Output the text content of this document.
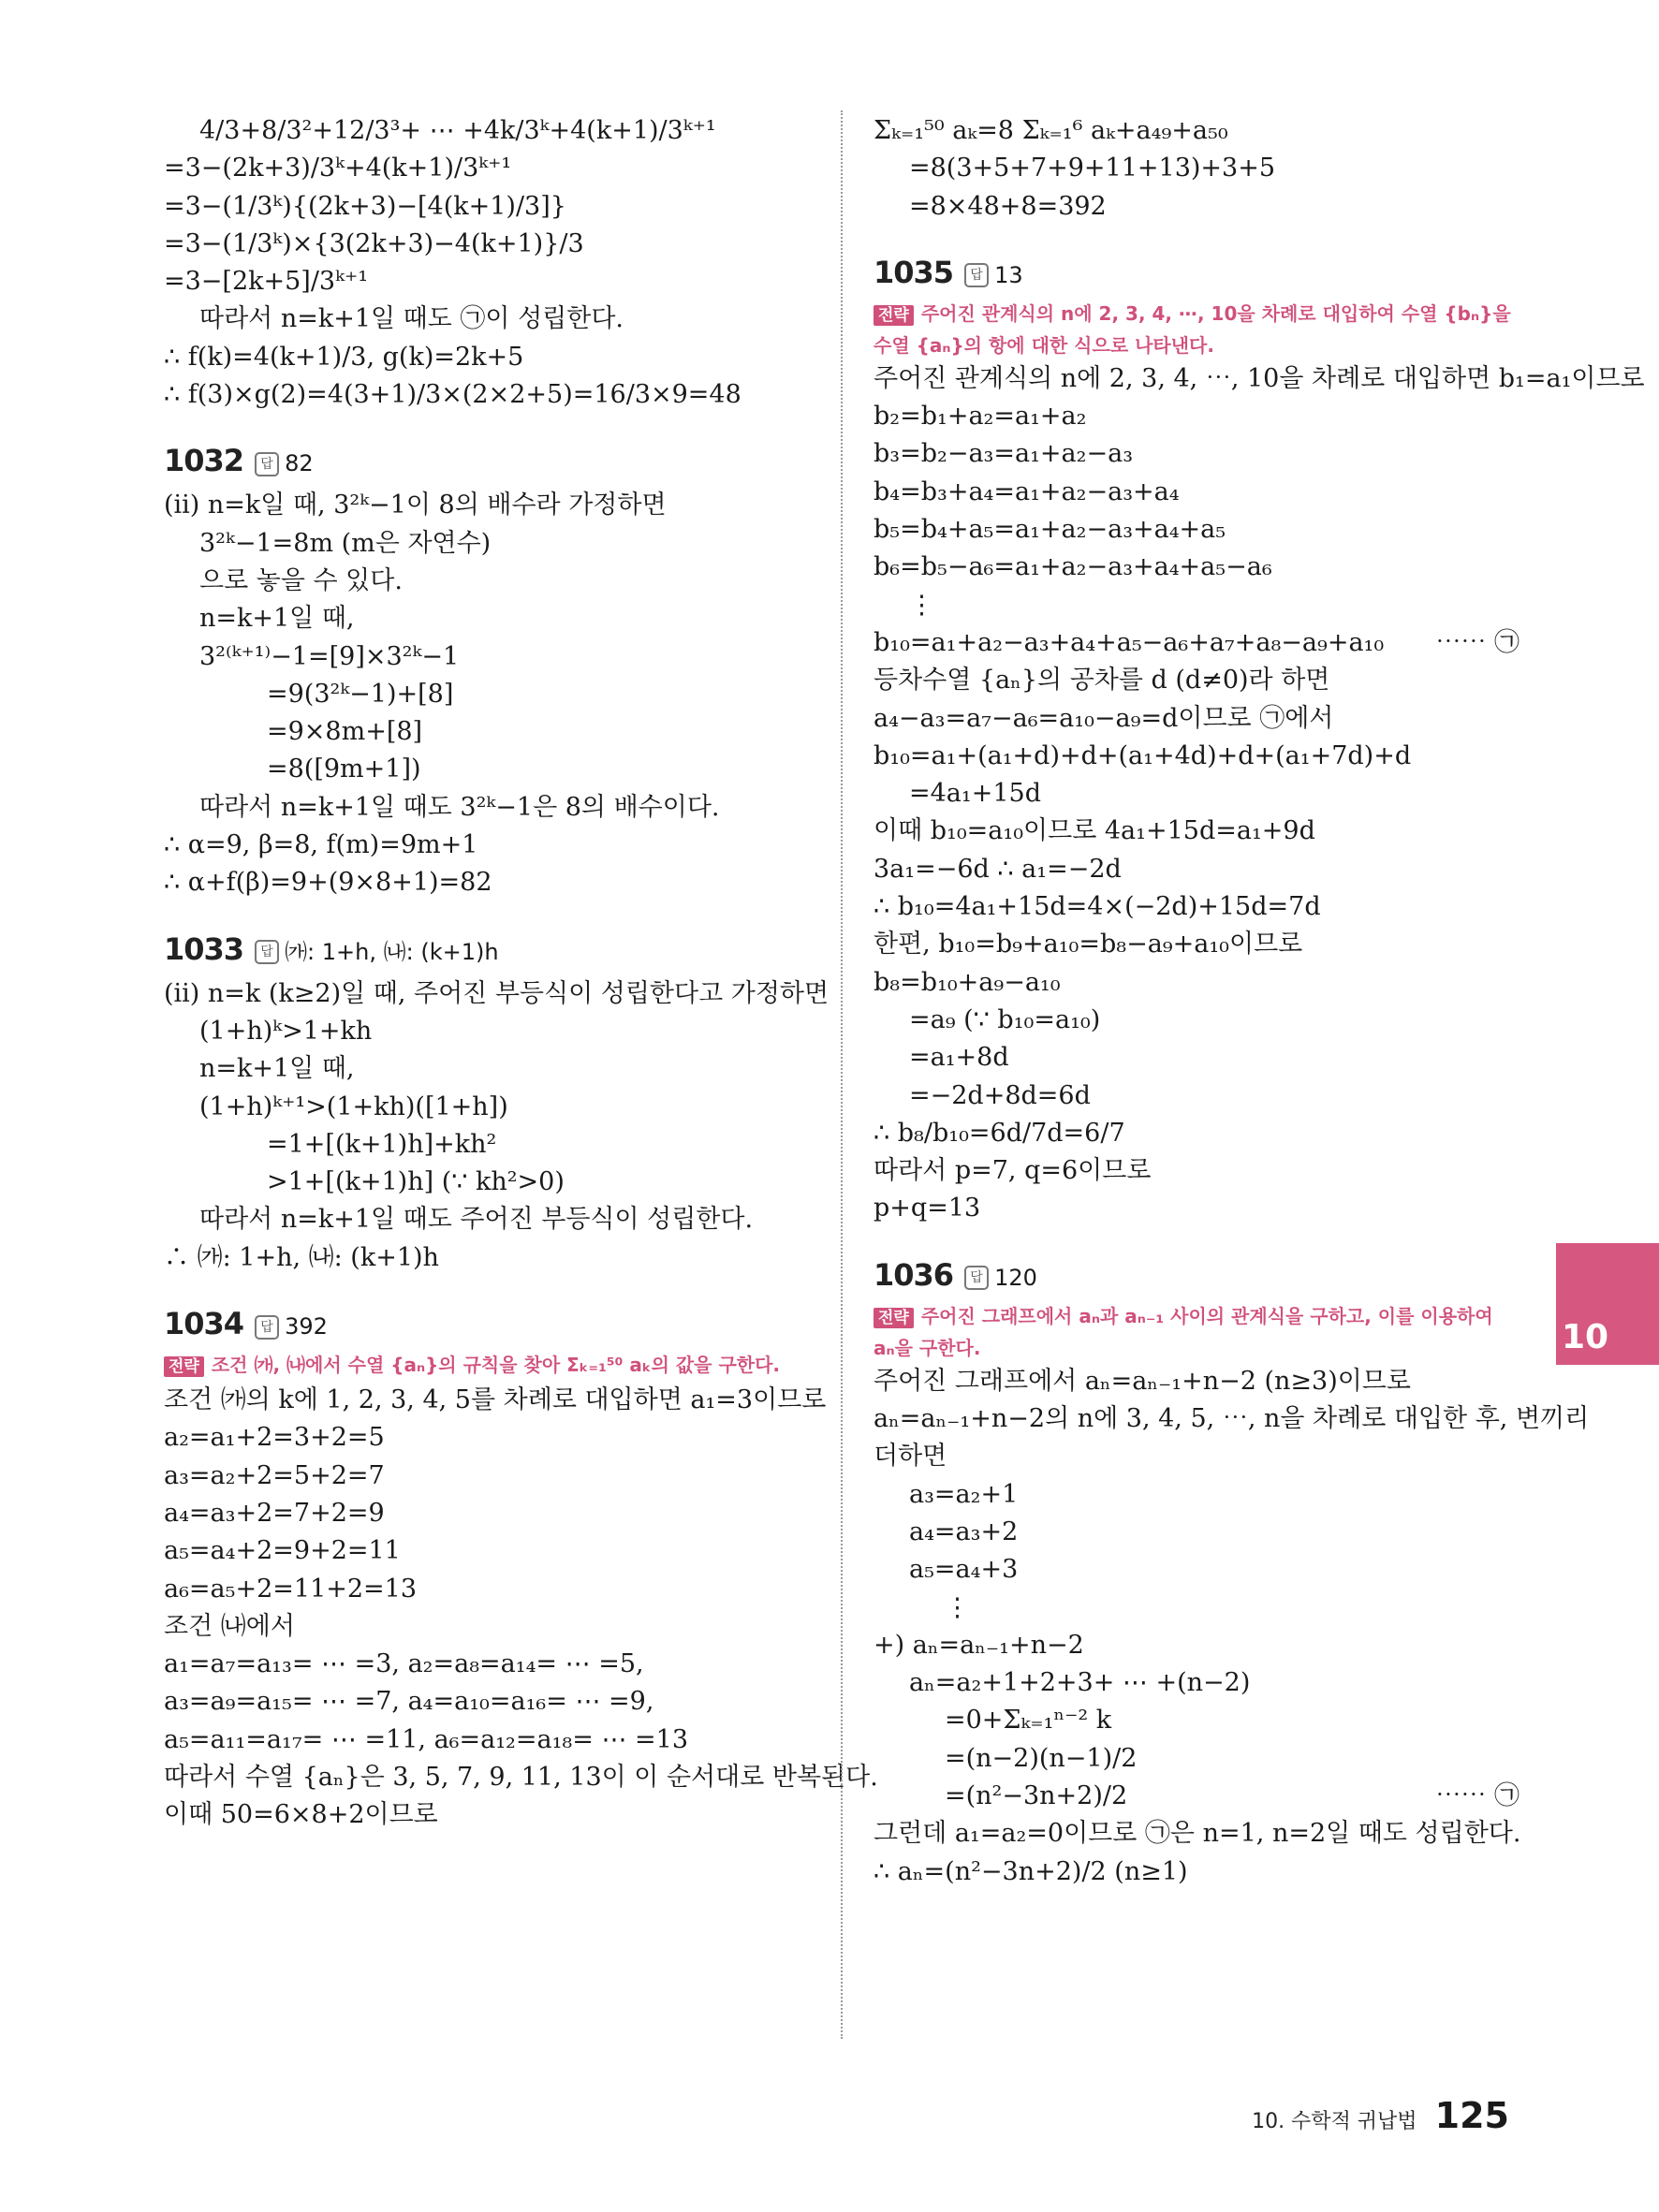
4/3+8/3²+12/3³+ ⋯ +4k/3ᵏ+4(k+1)/3ᵏ⁺¹
=3−(2k+3)/3ᵏ+4(k+1)/3ᵏ⁺¹
=3−(1/3ᵏ){(2k+3)−[4(k+1)/3]}
=3−(1/3ᵏ)×{3(2k+3)−4(k+1)}/3
=3−[2k+5]/3ᵏ⁺¹
따라서 n=k+1일 때도 ㉠이 성립한다.
∴ f(k)=4(k+1)/3, g(k)=2k+5
∴ f(3)×g(2)=4(3+1)/3×(2×2+5)=16/3×9=48
1032 답 82
(ⅱ) n=k일 때, 3²ᵏ−1이 8의 배수라 가정하면
3²ᵏ−1=8m (m은 자연수)
으로 놓을 수 있다.
n=k+1일 때,
3²⁽ᵏ⁺¹⁾−1=[9]×3²ᵏ−1
=9(3²ᵏ−1)+[8]
=9×8m+[8]
=8([9m+1])
따라서 n=k+1일 때도 3²ᵏ−1은 8의 배수이다.
∴ α=9, β=8, f(m)=9m+1
∴ α+f(β)=9+(9×8+1)=82
1033 답 ㈎: 1+h, ㈏: (k+1)h
(ⅱ) n=k (k≥2)일 때, 주어진 부등식이 성립한다고 가정하면
(1+h)ᵏ>1+kh
n=k+1일 때,
(1+h)ᵏ⁺¹>(1+kh)([1+h])
=1+[(k+1)h]+kh²
>1+[(k+1)h] (∵ kh²>0)
따라서 n=k+1일 때도 주어진 부등식이 성립한다.
∴ ㈎: 1+h, ㈏: (k+1)h
1034 답 392
전략 조건 ㈎, ㈏에서 수열 {aₙ}의 규칙을 찾아 Σₖ₌₁⁵⁰ aₖ의 값을 구한다.
조건 ㈎의 k에 1, 2, 3, 4, 5를 차례로 대입하면 a₁=3이므로
a₂=a₁+2=3+2=5
a₃=a₂+2=5+2=7
a₄=a₃+2=7+2=9
a₅=a₄+2=9+2=11
a₆=a₅+2=11+2=13
조건 ㈏에서
a₁=a₇=a₁₃= ⋯ =3, a₂=a₈=a₁₄= ⋯ =5,
a₃=a₉=a₁₅= ⋯ =7, a₄=a₁₀=a₁₆= ⋯ =9,
a₅=a₁₁=a₁₇= ⋯ =11, a₆=a₁₂=a₁₈= ⋯ =13
따라서 수열 {aₙ}은 3, 5, 7, 9, 11, 13이 이 순서대로 반복된다.
이때 50=6×8+2이므로
Σₖ₌₁⁵⁰ aₖ=8 Σₖ₌₁⁶ aₖ+a₄₉+a₅₀
=8(3+5+7+9+11+13)+3+5
=8×48+8=392
1035 답 13
전략 주어진 관계식의 n에 2, 3, 4, ⋯, 10을 차례로 대입하여 수열 {bₙ}을 수열 {aₙ}의 항에 대한 식으로 나타낸다.
주어진 관계식의 n에 2, 3, 4, ⋯, 10을 차례로 대입하면 b₁=a₁이므로
b₂=b₁+a₂=a₁+a₂
b₃=b₂−a₃=a₁+a₂−a₃
b₄=b₃+a₄=a₁+a₂−a₃+a₄
b₅=b₄+a₅=a₁+a₂−a₃+a₄+a₅
b₆=b₅−a₆=a₁+a₂−a₃+a₄+a₅−a₆
⋮
b₁₀=a₁+a₂−a₃+a₄+a₅−a₆+a₇+a₈−a₉+a₁₀ ⋯⋯ ㉠
등차수열 {aₙ}의 공차를 d (d≠0)라 하면
a₄−a₃=a₇−a₆=a₁₀−a₉=d이므로 ㉠에서
b₁₀=a₁+(a₁+d)+d+(a₁+4d)+d+(a₁+7d)+d
=4a₁+15d
이때 b₁₀=a₁₀이므로 4a₁+15d=a₁+9d
3a₁=−6d ∴ a₁=−2d
∴ b₁₀=4a₁+15d=4×(−2d)+15d=7d
한편, b₁₀=b₉+a₁₀=b₈−a₉+a₁₀이므로
b₈=b₁₀+a₉−a₁₀
=a₉ (∵ b₁₀=a₁₀)
=a₁+8d
=−2d+8d=6d
∴ b₈/b₁₀=6d/7d=6/7
따라서 p=7, q=6이므로
p+q=13
1036 답 120
전략 주어진 그래프에서 aₙ과 aₙ₋₁ 사이의 관계식을 구하고, 이를 이용하여 aₙ을 구한다.
주어진 그래프에서 aₙ=aₙ₋₁+n−2 (n≥3)이므로
aₙ=aₙ₋₁+n−2의 n에 3, 4, 5, ⋯, n을 차례로 대입한 후, 변끼리
더하면
a₃=a₂+1
a₄=a₃+2
a₅=a₄+3
⋮
+) aₙ=aₙ₋₁+n−2
aₙ=a₂+1+2+3+ ⋯ +(n−2)
=0+Σₖ₌₁ⁿ⁻² k
=(n−2)(n−1)/2
=(n²−3n+2)/2	⋯⋯ ㉠
그런데 a₁=a₂=0이므로 ㉠은 n=1, n=2일 때도 성립한다.
∴ aₙ=(n²−3n+2)/2 (n≥1)
10
10. 수학적 귀납법 125
